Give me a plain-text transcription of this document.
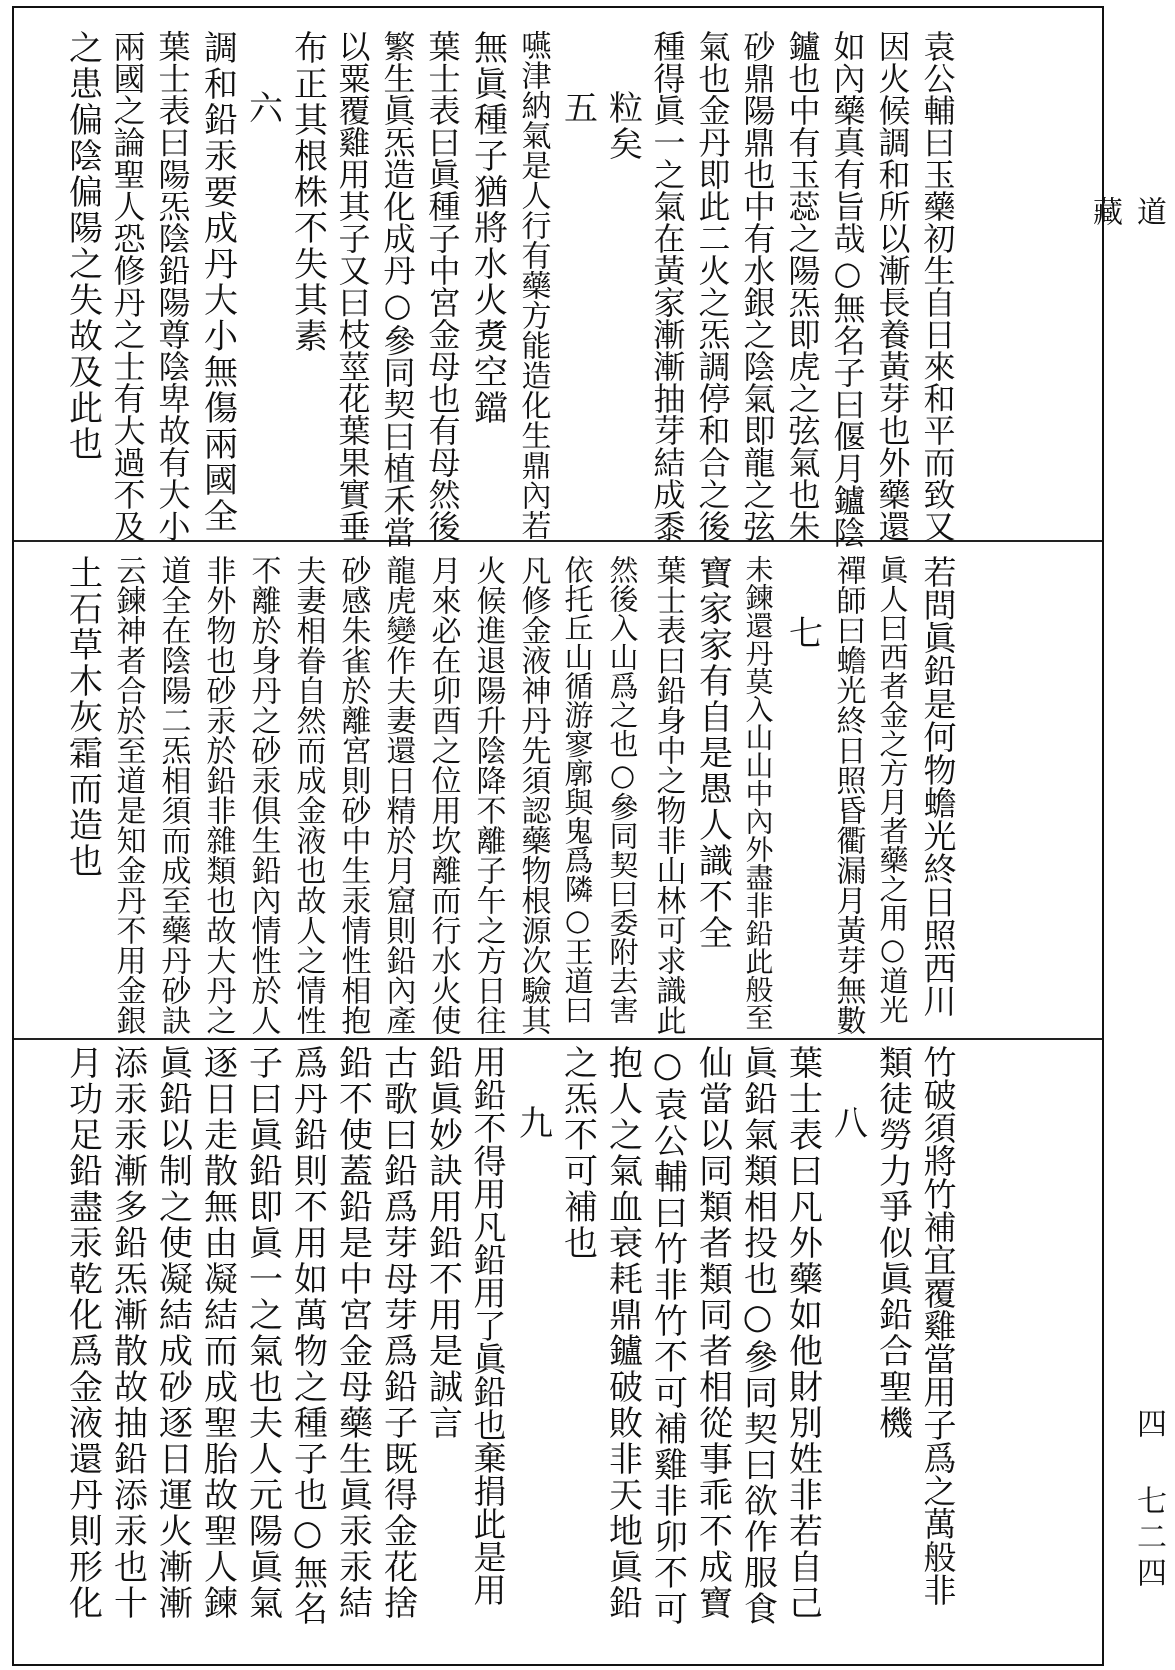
道 藏
四 七二四
袁公輔曰玉藥初生自日來和平而致又
因火候調和所以漸長養黃芽也外藥還
如內藥真有旨哉○無名子曰偃月鑪陰
鑪也中有玉蕊之陽炁即虎之弦氣也朱
砂鼎陽鼎也中有水銀之陰氣即龍之弦
氣也金丹即此二火之炁調停和合之後
種得眞一之氣在黃家漸漸抽芽結成黍
粒矣
五
嚥津納氣是人行有藥方能造化生鼎內若
無眞種子猶將水火煑空鐺
葉士表曰眞種子中宮金母也有母然後
繁生眞炁造化成丹○參同契曰植禾當
以粟覆雞用其子又曰枝莖花葉果實垂
布正其根株不失其素
六
調和鉛汞要成丹大小無傷兩國全
葉士表曰陽炁陰鉛陽尊陰卑故有大小
兩國之論聖人恐修丹之士有大過不及
之患偏陰偏陽之失故及此也
若問眞鉛是何物蟾光終日照西川
眞人曰西者金之方月者藥之用○道光
禪師曰蟾光終日照昏衢漏月黃芽無數
七
未鍊還丹莫入山山中內外盡非鉛此般至
寶家家有自是愚人識不全
葉士表曰鉛身中之物非山林可求識此
然後入山爲之也○參同契曰委附去害
依托丘山循游寥廓與鬼爲隣○王道曰
凡修金液神丹先須認藥物根源次驗其
火候進退陽升陰降不離子午之方日往
月來必在卯酉之位用坎離而行水火使
龍虎變作夫妻還日精於月窟則鉛內產
砂感朱雀於離宮則砂中生汞情性相抱
夫妻相眷自然而成金液也故人之情性
不離於身丹之砂汞俱生鉛內情性於人
非外物也砂汞於鉛非雜類也故大丹之
道全在陰陽二炁相須而成至藥丹砂訣
云鍊神者合於至道是知金丹不用金銀
土石草木灰霜而造也
竹破須將竹補宜覆雞當用子爲之萬般非
類徒勞力爭似眞鉛合聖機
八
葉士表曰凡外藥如他財別姓非若自己
眞鉛氣類相投也○參同契曰欲作服食
仙當以同類者類同者相從事乖不成寶
○袁公輔曰竹非竹不可補雞非卯不可
抱人之氣血衰耗鼎鑪破敗非天地眞鉛
之炁不可補也
九
用鉛不得用凡鉛用了眞鉛也棄捐此是用
鉛眞妙訣用鉛不用是誠言
古歌曰鉛爲芽母芽爲鉛子既得金花捨
鉛不使蓋鉛是中宮金母藥生眞汞汞結
爲丹鉛則不用如萬物之種子也○無名
子曰眞鉛即眞一之氣也夫人元陽眞氣
逐日走散無由凝結而成聖胎故聖人鍊
眞鉛以制之使凝結成砂逐日運火漸漸
添汞汞漸多鉛炁漸散故抽鉛添汞也十
月功足鉛盡汞乾化爲金液還丹則形化
